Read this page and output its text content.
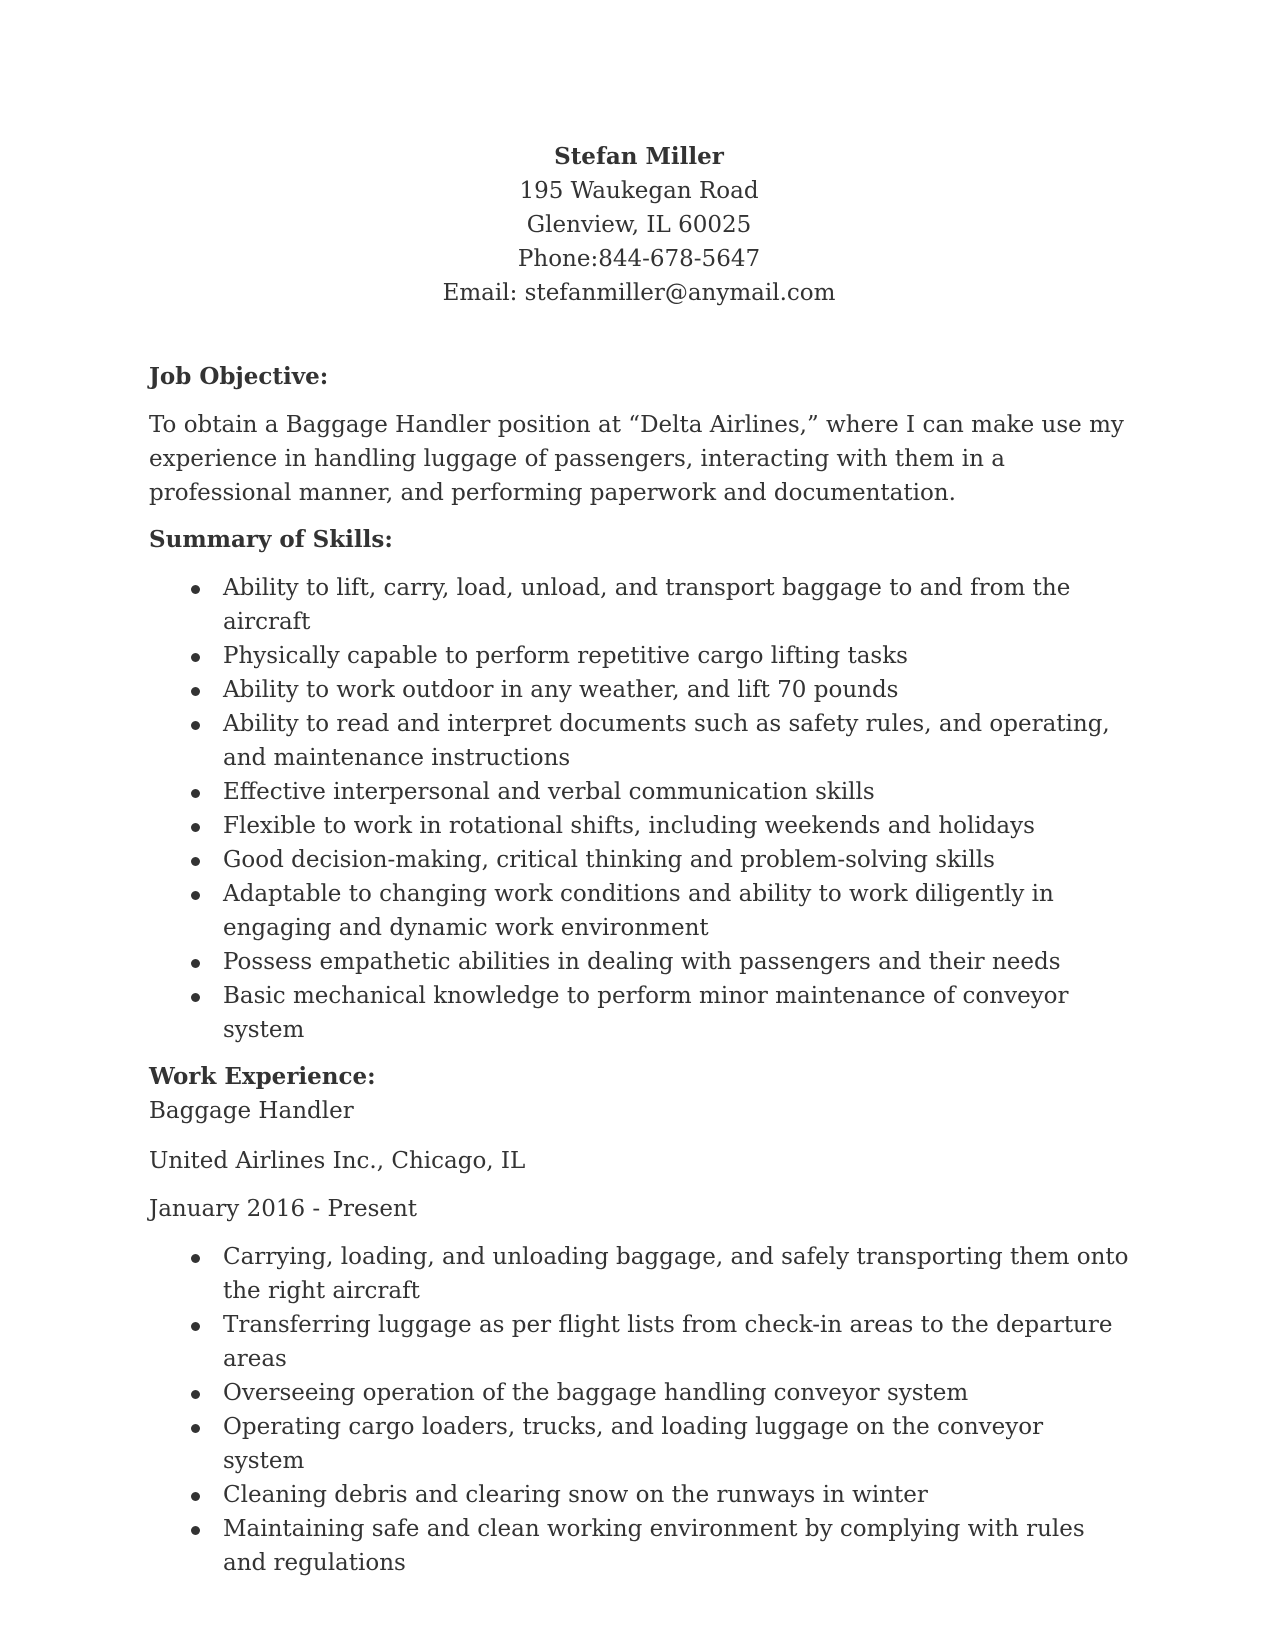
Stefan Miller
195 Waukegan Road
Glenview, IL 60025
Phone:844-678-5647
Email: stefanmiller@anymail.com
Job Objective:
To obtain a Baggage Handler position at “Delta Airlines,” where I can make use my experience in handling luggage of passengers, interacting with them in a professional manner, and performing paperwork and documentation.
Summary of Skills:
Ability to lift, carry, load, unload, and transport baggage to and from the aircraft
Physically capable to perform repetitive cargo lifting tasks
Ability to work outdoor in any weather, and lift 70 pounds
Ability to read and interpret documents such as safety rules, and operating, and maintenance instructions
Effective interpersonal and verbal communication skills
Flexible to work in rotational shifts, including weekends and holidays
Good decision-making, critical thinking and problem-solving skills
Adaptable to changing work conditions and ability to work diligently in engaging and dynamic work environment
Possess empathetic abilities in dealing with passengers and their needs
Basic mechanical knowledge to perform minor maintenance of conveyor system
Work Experience:
Baggage Handler
United Airlines Inc., Chicago, IL
January 2016 - Present
Carrying, loading, and unloading baggage, and safely transporting them onto the right aircraft
Transferring luggage as per flight lists from check-in areas to the departure areas
Overseeing operation of the baggage handling conveyor system
Operating cargo loaders, trucks, and loading luggage on the conveyor system
Cleaning debris and clearing snow on the runways in winter
Maintaining safe and clean working environment by complying with rules and regulations
